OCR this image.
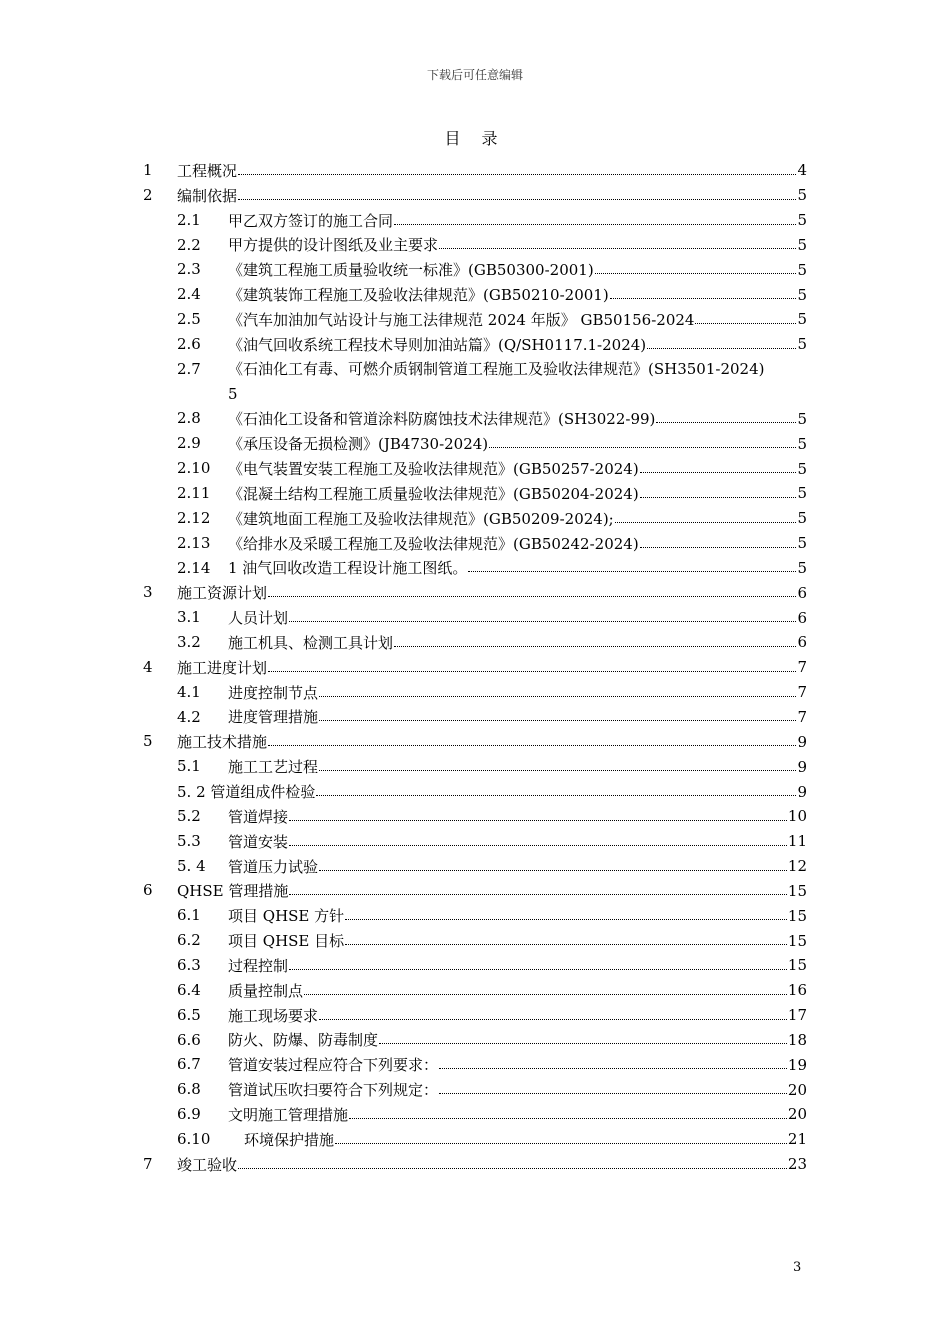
下载后可任意编辑
目 录
1 工程概况	4
2 编制依据	5
2.1 甲乙双方签订的施工合同	5
2.2 甲方提供的设计图纸及业主要求	5
2.3 《建筑工程施工质量验收统一标准》(GB50300-2001)	5
2.4 《建筑装饰工程施工及验收法律规范》(GB50210-2001)	5
2.5 《汽车加油加气站设计与施工法律规范 2024 年版》 GB50156-2024	5
2.6 《油气回收系统工程技术导则加油站篇》(Q/SH0117.1-2024)	5
2.7 《石油化工有毒、可燃介质钢制管道工程施工及验收法律规范》(SH3501-2024)
5
2.8 《石油化工设备和管道涂料防腐蚀技术法律规范》(SH3022-99)	5
2.9 《承压设备无损检测》(JB4730-2024)	5
2.10 《电气装置安装工程施工及验收法律规范》(GB50257-2024)	5
2.11 《混凝土结构工程施工质量验收法律规范》(GB50204-2024)	5
2.12 《建筑地面工程施工及验收法律规范》(GB50209-2024);	5
2.13 《给排水及采暖工程施工及验收法律规范》(GB50242-2024)	5
2.14 1 油气回收改造工程设计施工图纸。	5
3 施工资源计划	6
3.1 人员计划	6
3.2 施工机具、检测工具计划	6
4 施工进度计划	7
4.1 进度控制节点	7
4.2 进度管理措施	7
5 施工技术措施	9
5.1 施工工艺过程	9
5. 2 管道组成件检验	9
5.2 管道焊接	10
5.3 管道安装	11
5. 4 管道压力试验	12
6 QHSE 管理措施	15
6.1 项目 QHSE 方针	15
6.2 项目 QHSE 目标	15
6.3 过程控制	15
6.4 质量控制点	16
6.5 施工现场要求	17
6.6 防火、防爆、防毒制度	18
6.7 管道安装过程应符合下列要求：	19
6.8 管道试压吹扫要符合下列规定：	20
6.9 文明施工管理措施	20
6.10 环境保护措施	21
7 竣工验收	23
3
